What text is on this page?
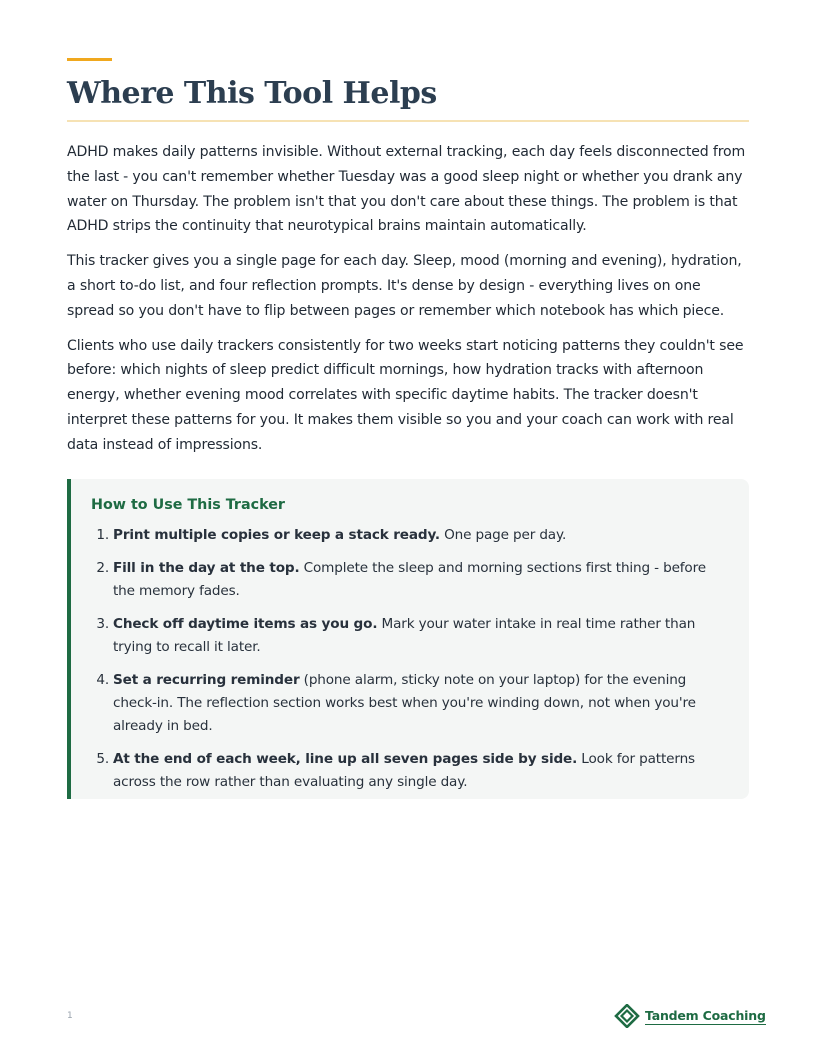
Where This Tool Helps

ADHD makes daily patterns invisible. Without external tracking, each day feels disconnected from the last - you can't remember whether Tuesday was a good sleep night or whether you drank any water on Thursday. The problem isn't that you don't care about these things. The problem is that ADHD strips the continuity that neurotypical brains maintain automatically.

This tracker gives you a single page for each day. Sleep, mood (morning and evening), hydration, a short to-do list, and four reflection prompts. It's dense by design - everything lives on one spread so you don't have to flip between pages or remember which notebook has which piece.

Clients who use daily trackers consistently for two weeks start noticing patterns they couldn't see before: which nights of sleep predict difficult mornings, how hydration tracks with afternoon energy, whether evening mood correlates with specific daytime habits. The tracker doesn't interpret these patterns for you. It makes them visible so you and your coach can work with real data instead of impressions.

How to Use This Tracker
1. Print multiple copies or keep a stack ready. One page per day.
2. Fill in the day at the top. Complete the sleep and morning sections first thing - before the memory fades.
3. Check off daytime items as you go. Mark your water intake in real time rather than trying to recall it later.
4. Set a recurring reminder (phone alarm, sticky note on your laptop) for the evening check-in. The reflection section works best when you're winding down, not when you're already in bed.
5. At the end of each week, line up all seven pages side by side. Look for patterns across the row rather than evaluating any single day.
1	Tandem Coaching
